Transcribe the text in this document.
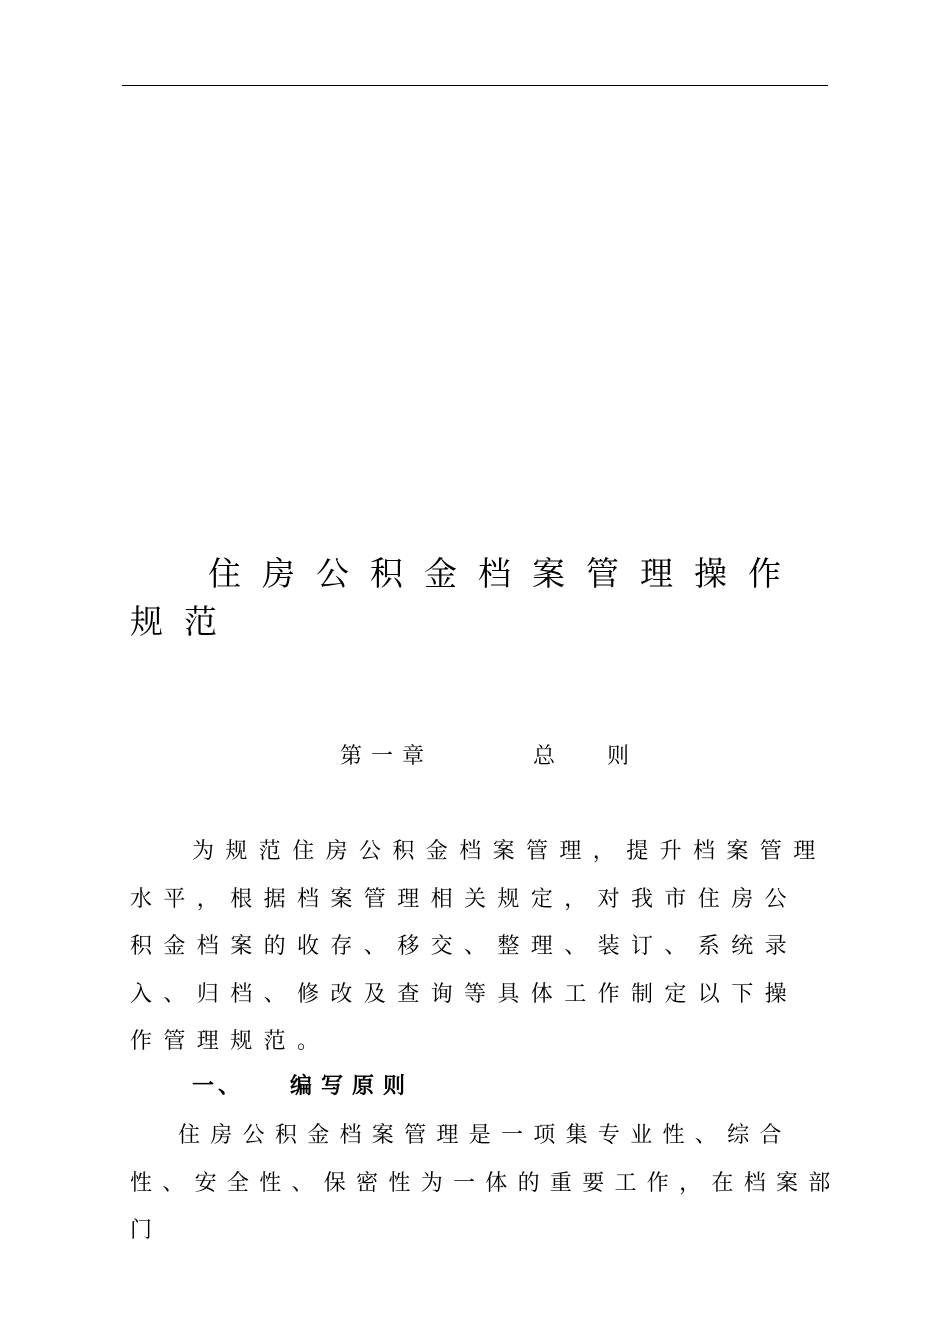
住房公积金档案管理操作规范
第一章	总则
为规范住房公积金档案管理，提升档案管理水平，根据档案管理相关规定，对我市住房公积金档案的收存、移交、整理、装订、系统录入、归档、修改及查询等具体工作制定以下操作管理规范。
一、 编写原则
住房公积金档案管理是一项集专业性、综合性、安全性、保密性为一体的重要工作，在档案部门
